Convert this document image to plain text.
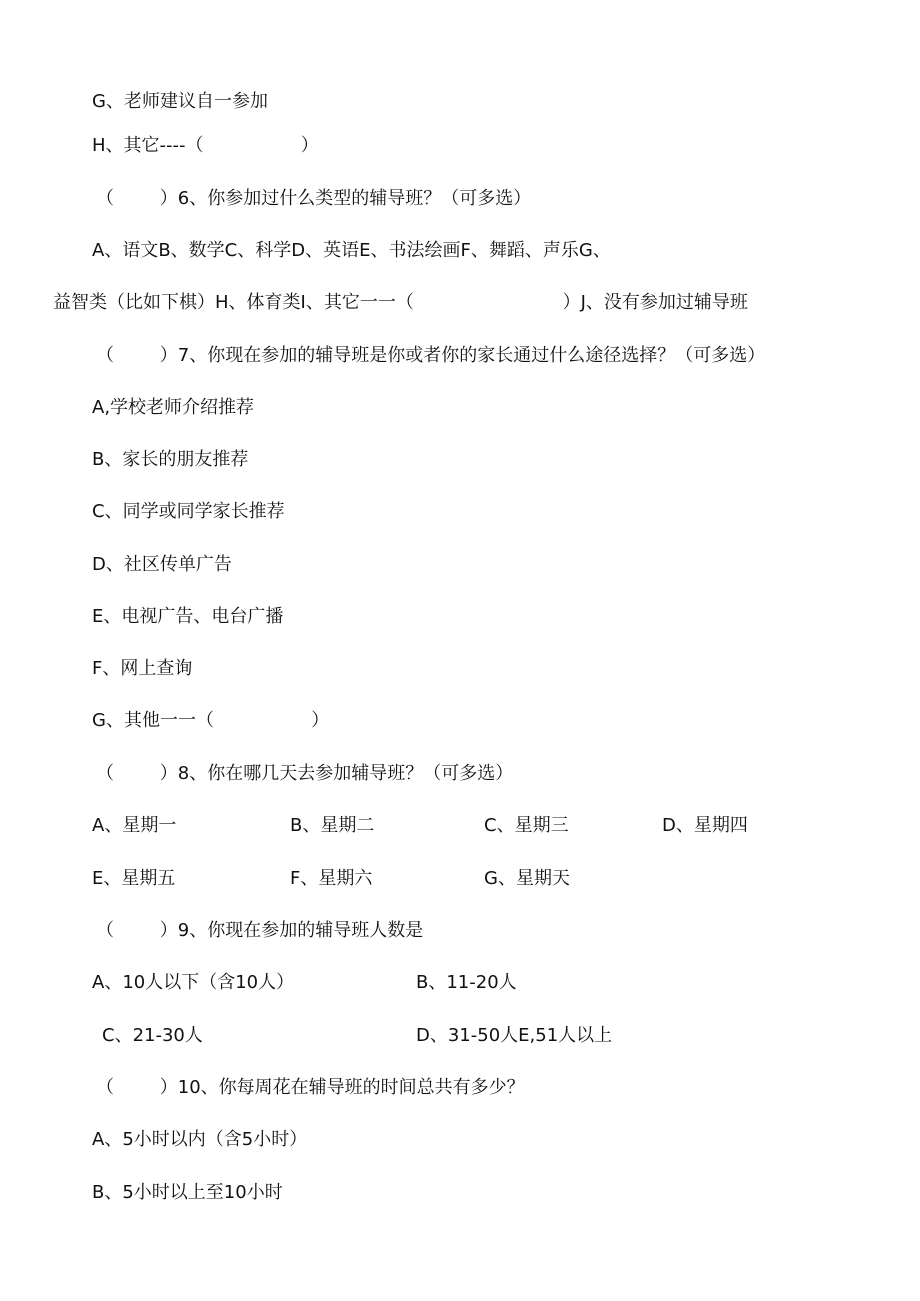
G、老师建议自一参加
H、其它----（                 ）
（        ）6、你参加过什么类型的辅导班？（可多选）
A、语文B、数学C、科学D、英语E、书法绘画F、舞蹈、声乐G、
益智类（比如下棋）H、体育类I、其它一一（                          ）J、没有参加过辅导班
（        ）7、你现在参加的辅导班是你或者你的家长通过什么途径选择？（可多选）
A,学校老师介绍推荐
B、家长的朋友推荐
C、同学或同学家长推荐
D、社区传单广告
E、电视广告、电台广播
F、网上查询
G、其他一一（                 ）
（        ）8、你在哪几天去参加辅导班？（可多选）
A、星期一	B、星期二	C、星期三	D、星期四
E、星期五	F、星期六	G、星期天
（        ）9、你现在参加的辅导班人数是
A、10人以下（含10人）	B、11-20人
C、21-30人	D、31-50人E,51人以上
（        ）10、你每周花在辅导班的时间总共有多少？
A、5小时以内（含5小时）
B、5小时以上至10小时
